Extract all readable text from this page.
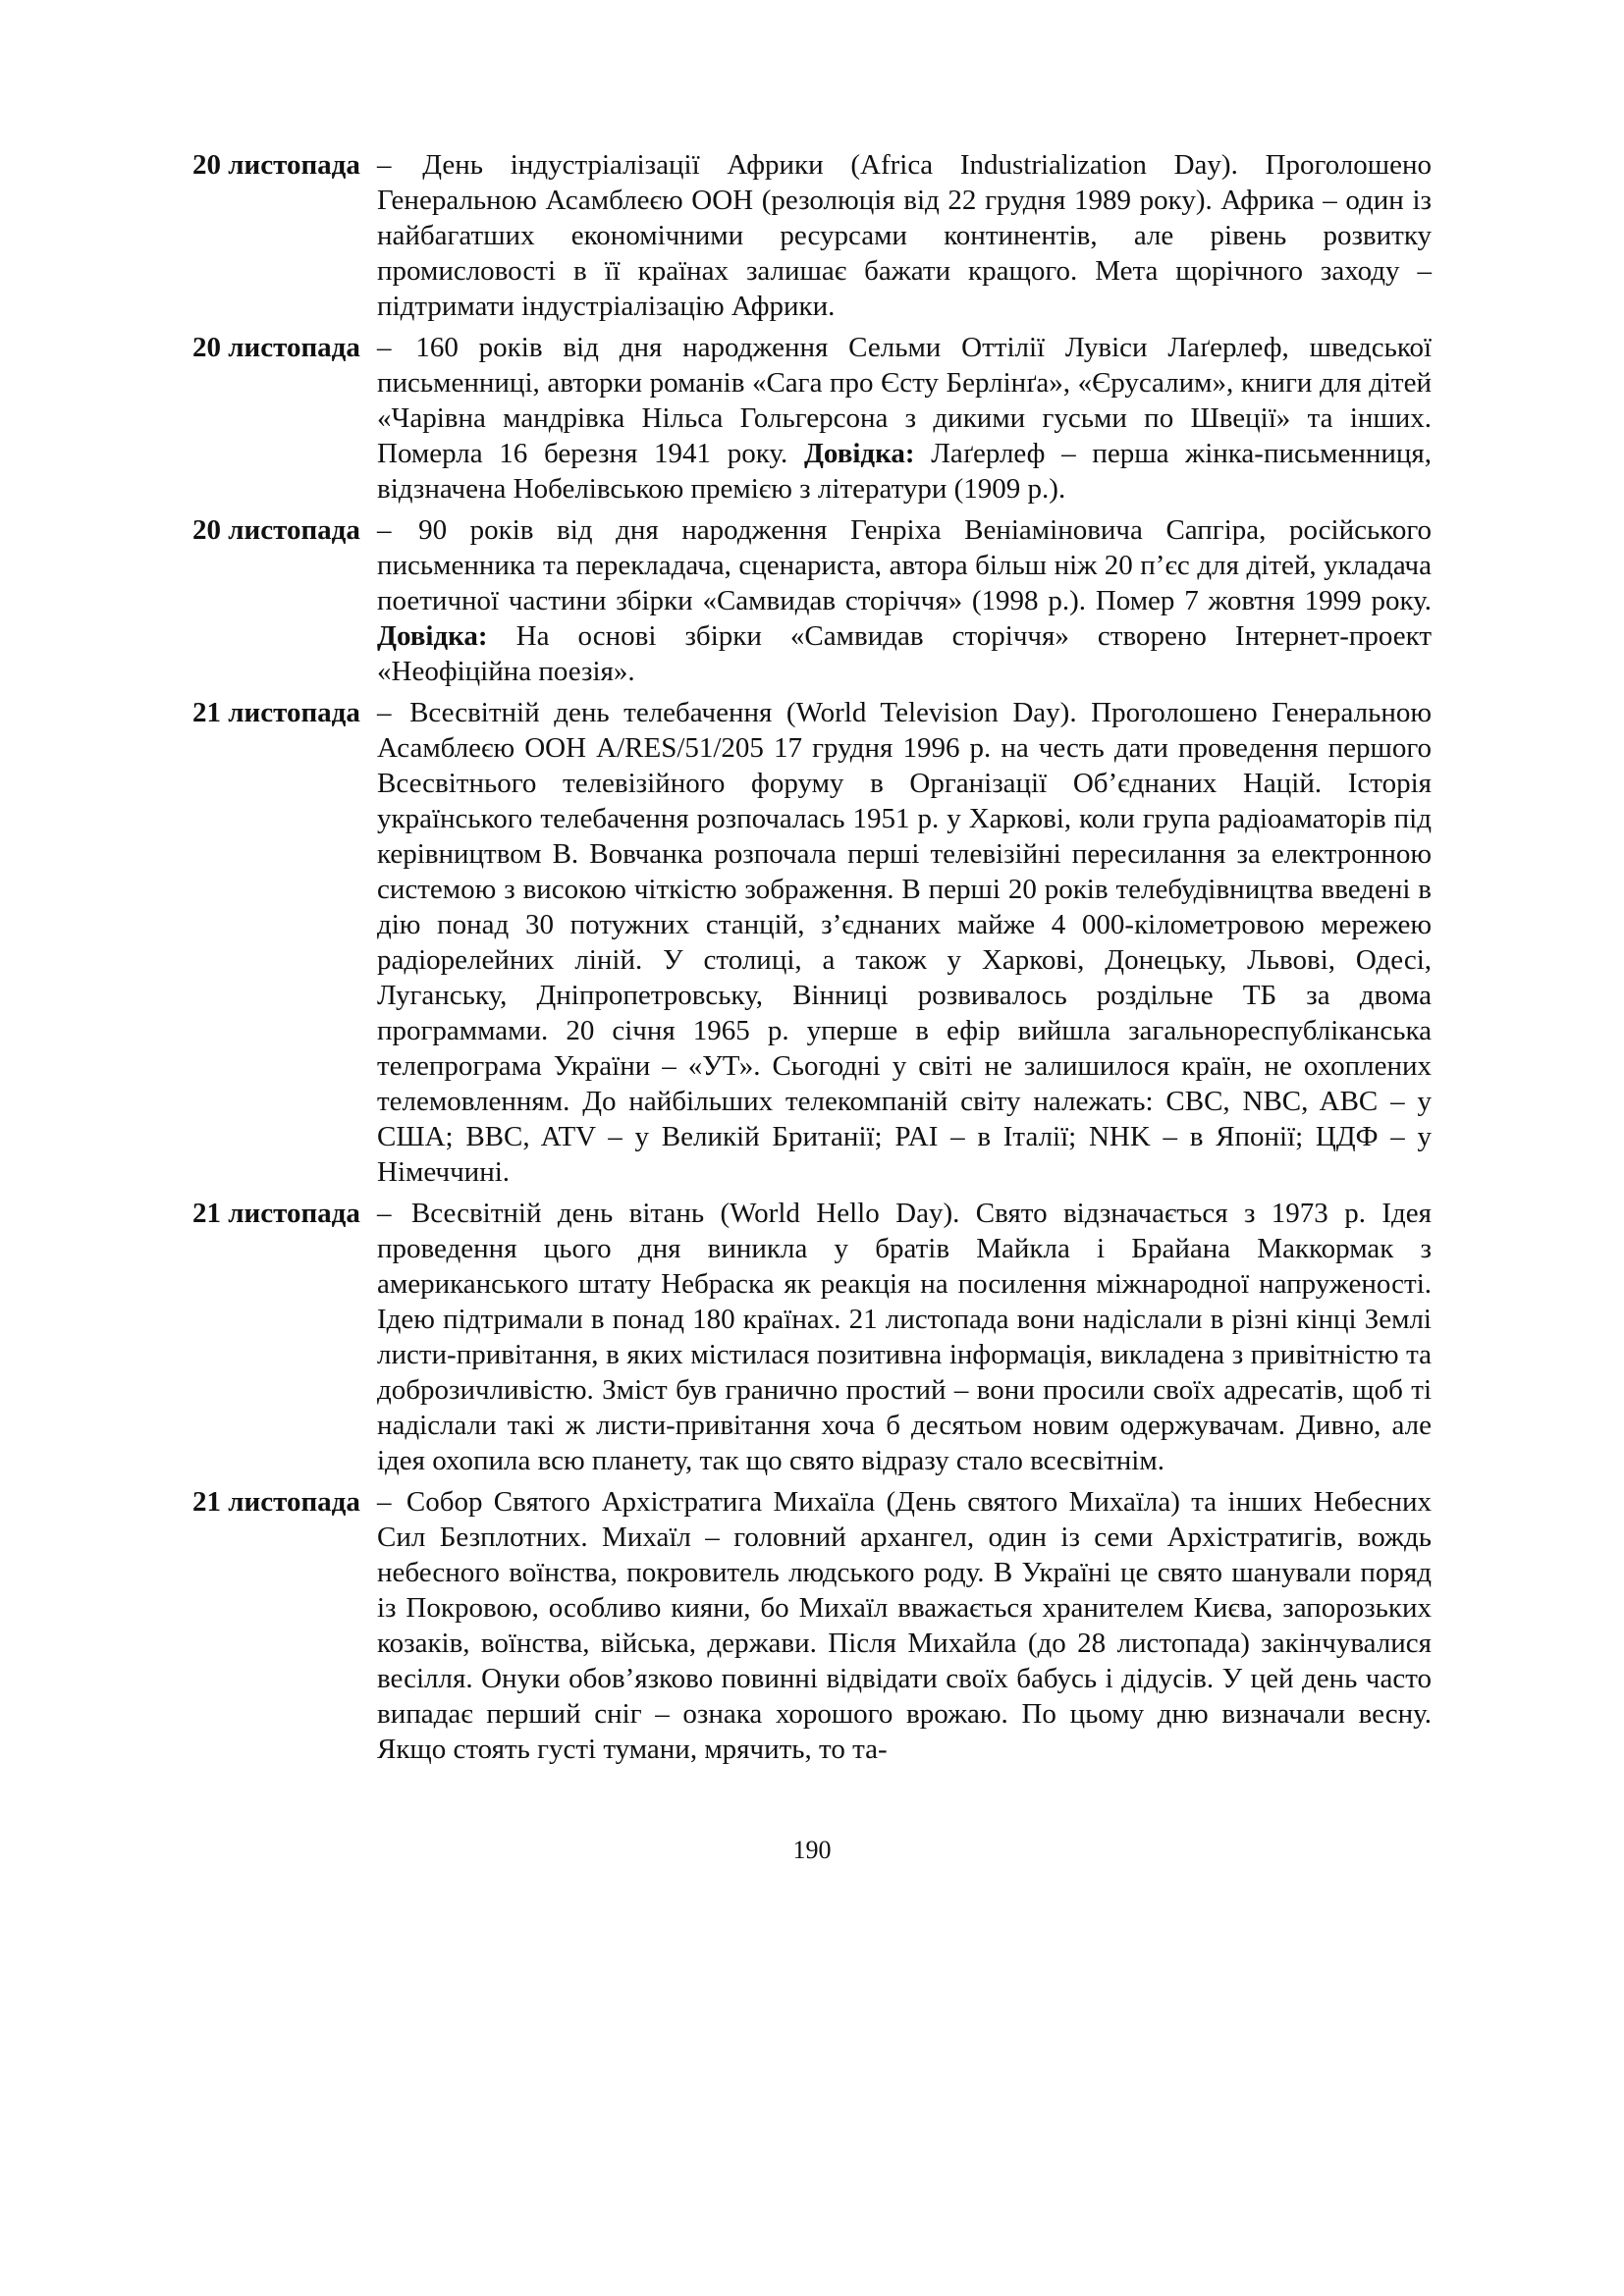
20 листопада – День індустріалізації Африки (Africa Industrialization Day). Проголошено Генеральною Асамблеєю ООН (резолюція від 22 грудня 1989 року). Африка – один із найбагатших економічними ресурсами континентів, але рівень розвитку промисловості в її країнах залишає бажати кращого. Мета щорічного заходу – підтримати індустріалізацію Африки.
20 листопада – 160 років від дня народження Сельми Оттілії Лувіси Лаґерлеф, шведської письменниці, авторки романів «Сага про Єсту Берлінґа», «Єрусалим», книги для дітей «Чарівна мандрівка Нільса Гольгерсона з дикими гусьми по Швеції» та інших. Померла 16 березня 1941 року. Довідка: Лаґерлеф – перша жінка-письменниця, відзначена Нобелівською премією з літератури (1909 р.).
20 листопада – 90 років від дня народження Генріха Веніаміновича Сапгіра, російського письменника та перекладача, сценариста, автора більш ніж 20 п’єс для дітей, укладача поетичної частини збірки «Самвидав сторіччя» (1998 р.). Помер 7 жовтня 1999 року. Довідка: На основі збірки «Самвидав сторіччя» створено Інтернет-проект «Неофіційна поезія».
21 листопада – Всесвітній день телебачення (World Television Day). Проголошено Генеральною Асамблеєю ООН A/RES/51/205 17 грудня 1996 р. на честь дати проведення першого Всесвітнього телевізійного форуму в Організації Об’єднаних Націй. Історія українського телебачення розпочалась 1951 р. у Харкові, коли група радіоаматорів під керівництвом В. Вовчанка розпочала перші телевізійні пересилання за електронною системою з високою чіткістю зображення. В перші 20 років телебудівництва введені в дію понад 30 потужних станцій, з’єднаних майже 4 000-кілометровою мережею радіорелейних ліній. У столиці, а також у Харкові, Донецьку, Львові, Одесі, Луганську, Дніпропетровську, Вінниці розвивалось роздільне ТБ за двома программами. 20 січня 1965 р. уперше в ефір вийшла загальнореспубліканська телепрограма України – «УТ». Сьогодні у світі не залишилося країн, не охоплених телемовленням. До найбільших телекомпаній світу належать: CBC, NBC, ABC – у США; BBC, ATV – у Великій Британії; PAI – в Італії; NHK – в Японії; ЦДФ – у Німеччині.
21 листопада – Всесвітній день вітань (World Hello Day). Свято відзначається з 1973 р. Ідея проведення цього дня виникла у братів Майкла і Брайана Маккормак з американського штату Небраска як реакція на посилення міжнародної напруженості. Ідею підтримали в понад 180 країнах. 21 листопада вони надіслали в різні кінці Землі листи-привітання, в яких містилася позитивна інформація, викладена з привітністю та доброзичливістю. Зміст був гранично простий – вони просили своїх адресатів, щоб ті надіслали такі ж листи-привітання хоча б десятьом новим одержувачам. Дивно, але ідея охопила всю планету, так що свято відразу стало всесвітнім.
21 листопада – Собор Святого Архістратига Михаїла (День святого Михаїла) та інших Небесних Сил Безплотних. Михаїл – головний архангел, один із семи Архістратигів, вождь небесного воїнства, покровитель людського роду. В Україні це свято шанували поряд із Покровою, особливо кияни, бо Михаїл вважається хранителем Києва, запорозьких козаків, воїнства, війська, держави. Після Михайла (до 28 листопада) закінчувалися весілля. Онуки обов’язково повинні відвідати своїх бабусь і дідусів. У цей день часто випадає перший сніг – ознака хорошого врожаю. По цьому дню визначали весну. Якщо стоять густі тумани, мрячить, то та-
190
